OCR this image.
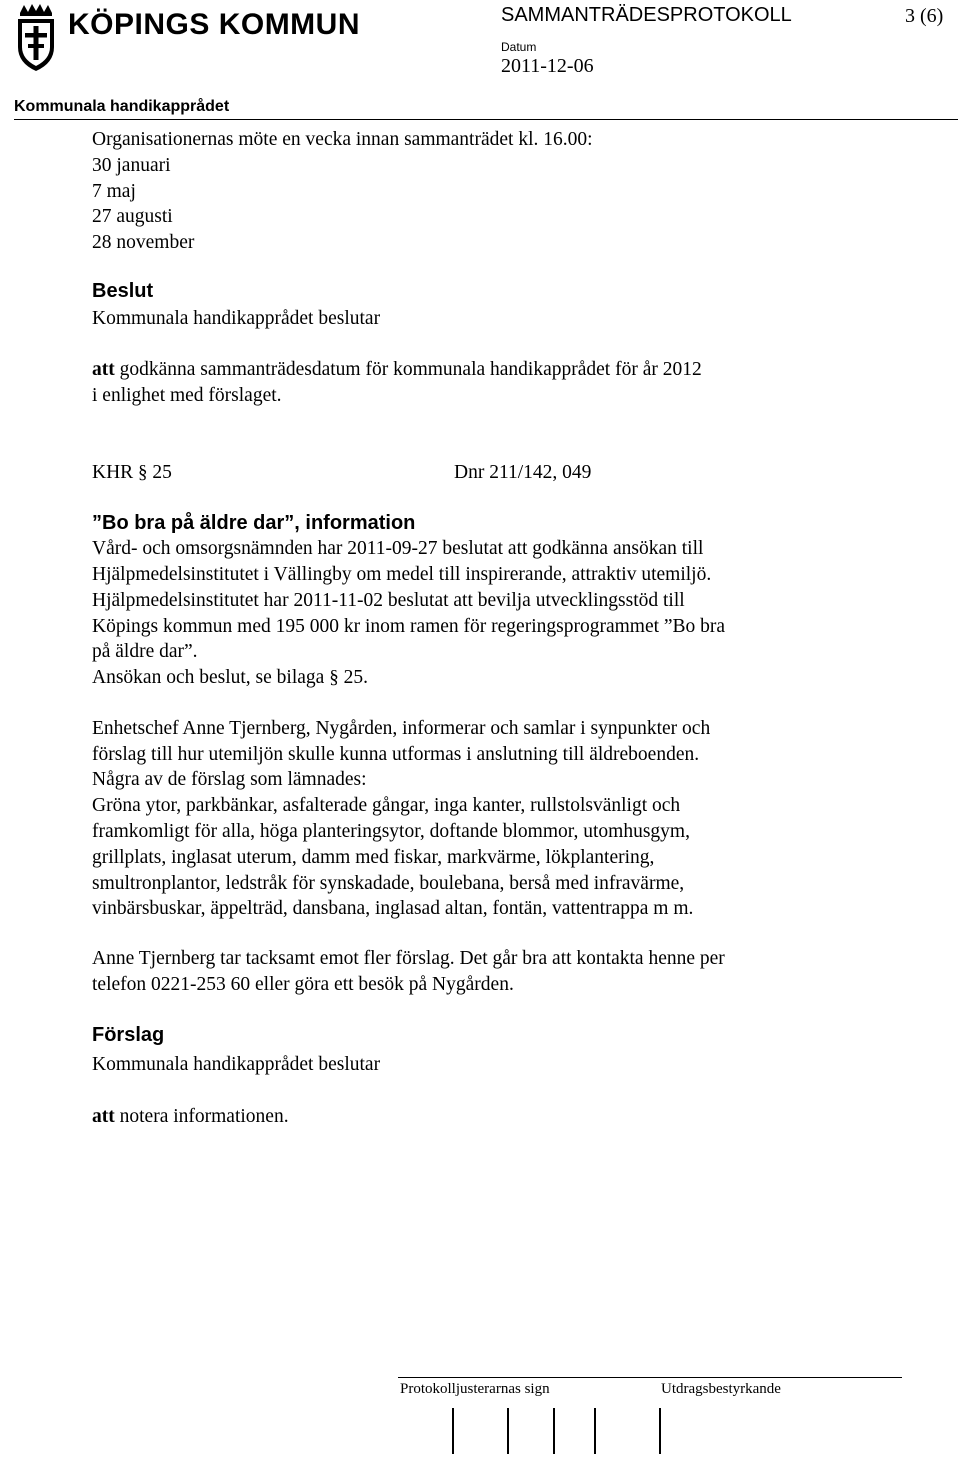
KÖPINGS KOMMUN	SAMMANTRÄDESPROTOKOLL	3 (6)
Datum
2011-12-06
Kommunala handikapprådet
Organisationernas möte en vecka innan sammanträdet kl. 16.00:
30 januari
7 maj
27 augusti
28 november
Beslut
Kommunala handikapprådet beslutar
att godkänna sammanträdesdatum för kommunala handikapprådet för år 2012
i enlighet med förslaget.
KHR § 25	Dnr 211/142, 049
”Bo bra på äldre dar”, information
Vård- och omsorgsnämnden har 2011-09-27 beslutat att godkänna ansökan till
Hjälpmedelsinstitutet i Vällingby om medel till inspirerande, attraktiv utemiljö.
Hjälpmedelsinstitutet har 2011-11-02 beslutat att bevilja utvecklingsstöd till
Köpings kommun med 195 000 kr inom ramen för regeringsprogrammet ”Bo bra
på äldre dar”.
Ansökan och beslut, se bilaga § 25.
Enhetschef Anne Tjernberg, Nygården, informerar och samlar i synpunkter och
förslag till hur utemiljön skulle kunna utformas i anslutning till äldreboenden.
Några av de förslag som lämnades:
Gröna ytor, parkbänkar, asfalterade gångar, inga kanter, rullstolsvänligt och
framkomligt för alla, höga planteringsytor, doftande blommor, utomhusgym,
grillplats, inglasat uterum, damm med fiskar, markvärme, lökplantering,
smultronplantor, ledstråk för synskadade, boulebana, berså med infravärme,
vinbärsbuskar, äppelträd, dansbana, inglasad altan, fontän, vattentrappa m m.
Anne Tjernberg tar tacksamt emot fler förslag. Det går bra att kontakta henne per
telefon 0221-253 60 eller göra ett besök på Nygården.
Förslag
Kommunala handikapprådet beslutar
att notera informationen.
Protokolljusterarnas sign	Utdragsbestyrkande
